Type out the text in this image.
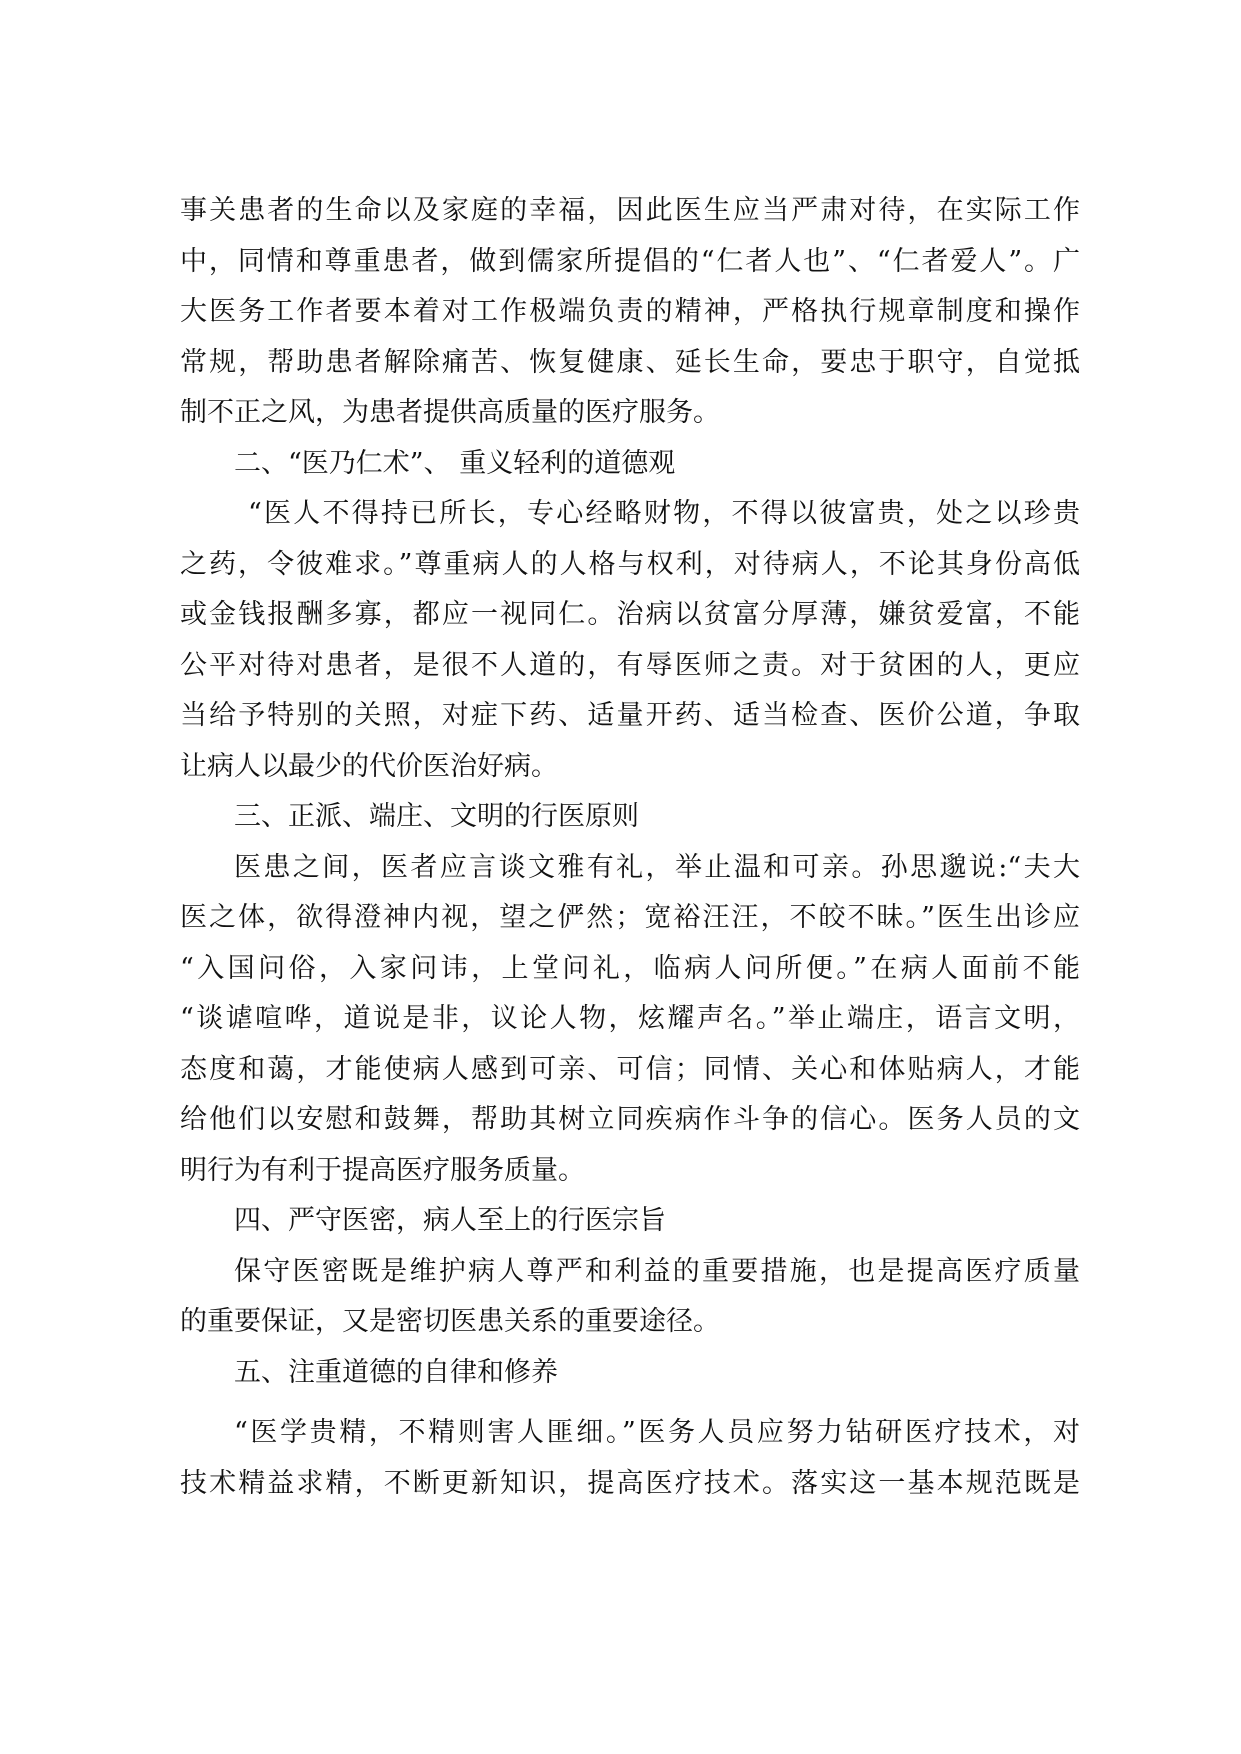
事关患者的生命以及家庭的幸福，因此医生应当严肃对待，在实际工作
中，同情和尊重患者，做到儒家所提倡的“仁者人也”、“仁者爱人”。广
大医务工作者要本着对工作极端负责的精神，严格执行规章制度和操作
常规，帮助患者解除痛苦、恢复健康、延长生命，要忠于职守，自觉抵
制不正之风，为患者提供高质量的医疗服务。
二、“医乃仁术”、 重义轻利的道德观
“医人不得持已所长，专心经略财物，不得以彼富贵，处之以珍贵
之药，令彼难求。”尊重病人的人格与权利，对待病人，不论其身份高低
或金钱报酬多寡，都应一视同仁。治病以贫富分厚薄，嫌贫爱富，不能
公平对待对患者，是很不人道的，有辱医师之责。对于贫困的人，更应
当给予特别的关照，对症下药、适量开药、适当检查、医价公道，争取
让病人以最少的代价医治好病。
三、正派、端庄、文明的行医原则
医患之间，医者应言谈文雅有礼，举止温和可亲。孙思邈说:“夫大
医之体，欲得澄神内视，望之俨然；宽裕汪汪，不皎不昧。”医生出诊应
“入国问俗，入家问讳，上堂问礼，临病人问所便。”在病人面前不能
“谈谑喧哗，道说是非，议论人物，炫耀声名。”举止端庄，语言文明，
态度和蔼，才能使病人感到可亲、可信；同情、关心和体贴病人，才能
给他们以安慰和鼓舞，帮助其树立同疾病作斗争的信心。医务人员的文
明行为有利于提高医疗服务质量。
四、严守医密，病人至上的行医宗旨
保守医密既是维护病人尊严和利益的重要措施，也是提高医疗质量
的重要保证，又是密切医患关系的重要途径。
五、注重道德的自律和修养
“医学贵精，不精则害人匪细。”医务人员应努力钻研医疗技术，对
技术精益求精，不断更新知识，提高医疗技术。落实这一基本规范既是
